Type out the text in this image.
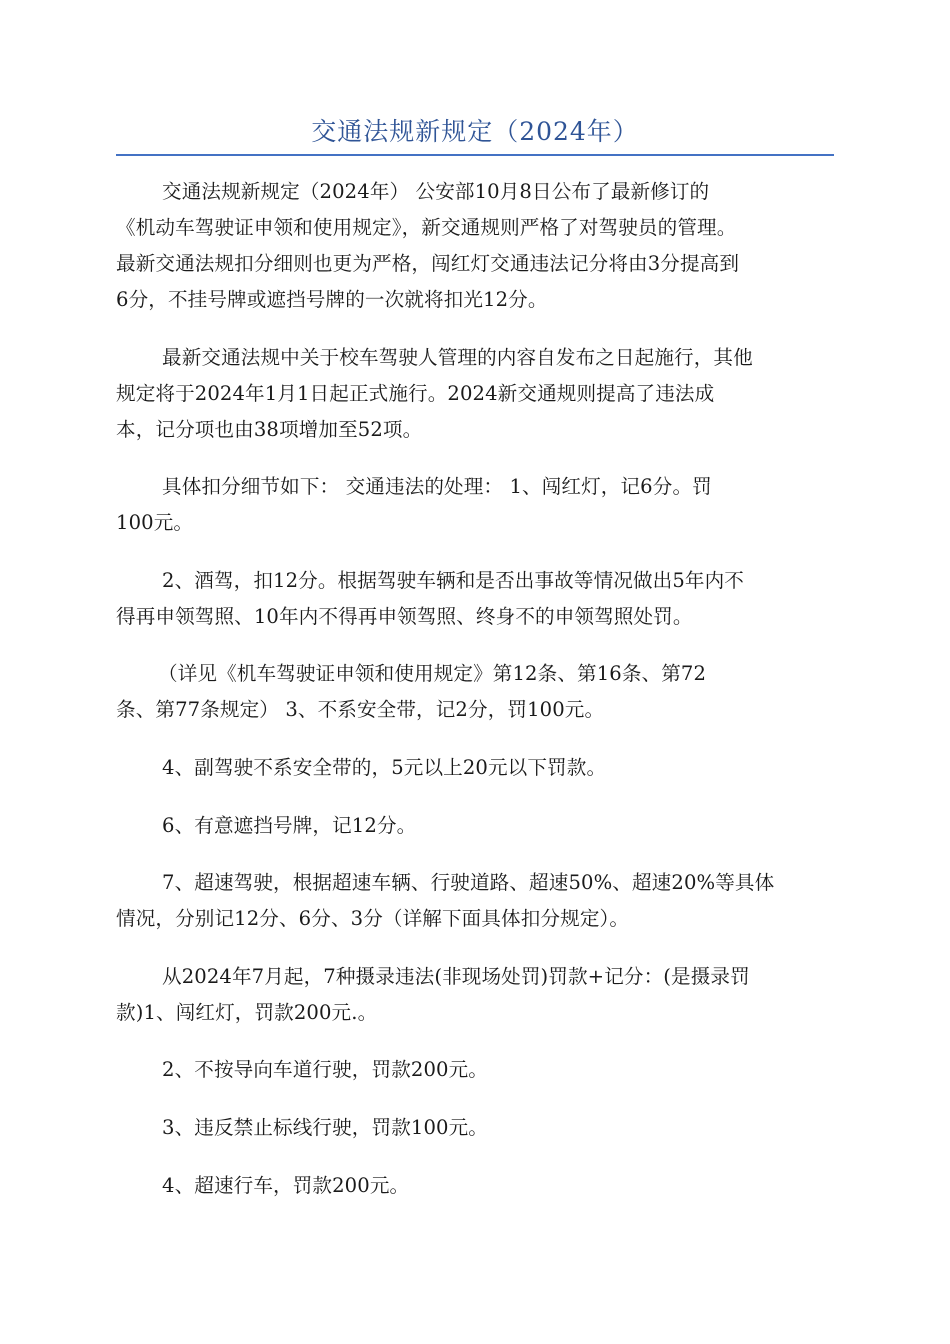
交通法规新规定（2024年）

交通法规新规定（2024年） 公安部10月8日公布了最新修订的
《机动车驾驶证申领和使用规定》，新交通规则严格了对驾驶员的管理。
最新交通法规扣分细则也更为严格，闯红灯交通违法记分将由3分提高到
6分，不挂号牌或遮挡号牌的一次就将扣光12分。

最新交通法规中关于校车驾驶人管理的内容自发布之日起施行，其他
规定将于2024年1月1日起正式施行。2024新交通规则提高了违法成
本，记分项也由38项增加至52项。

具体扣分细节如下： 交通违法的处理： 1、闯红灯，记6分。罚
100元。

2、酒驾，扣12分。根据驾驶车辆和是否出事故等情况做出5年内不
得再申领驾照、10年内不得再申领驾照、终身不的申领驾照处罚。

（详见《机车驾驶证申领和使用规定》第12条、第16条、第72
条、第77条规定） 3、不系安全带，记2分，罚100元。

4、副驾驶不系安全带的，5元以上20元以下罚款。

6、有意遮挡号牌，记12分。

7、超速驾驶，根据超速车辆、行驶道路、超速50%、超速20%等具体
情况，分别记12分、6分、3分（详解下面具体扣分规定）。

从2024年7月起，7种摄录违法(非现场处罚)罚款+记分：(是摄录罚
款)1、闯红灯，罚款200元.。

2、不按导向车道行驶，罚款200元。

3、违反禁止标线行驶，罚款100元。

4、超速行车，罚款200元。
